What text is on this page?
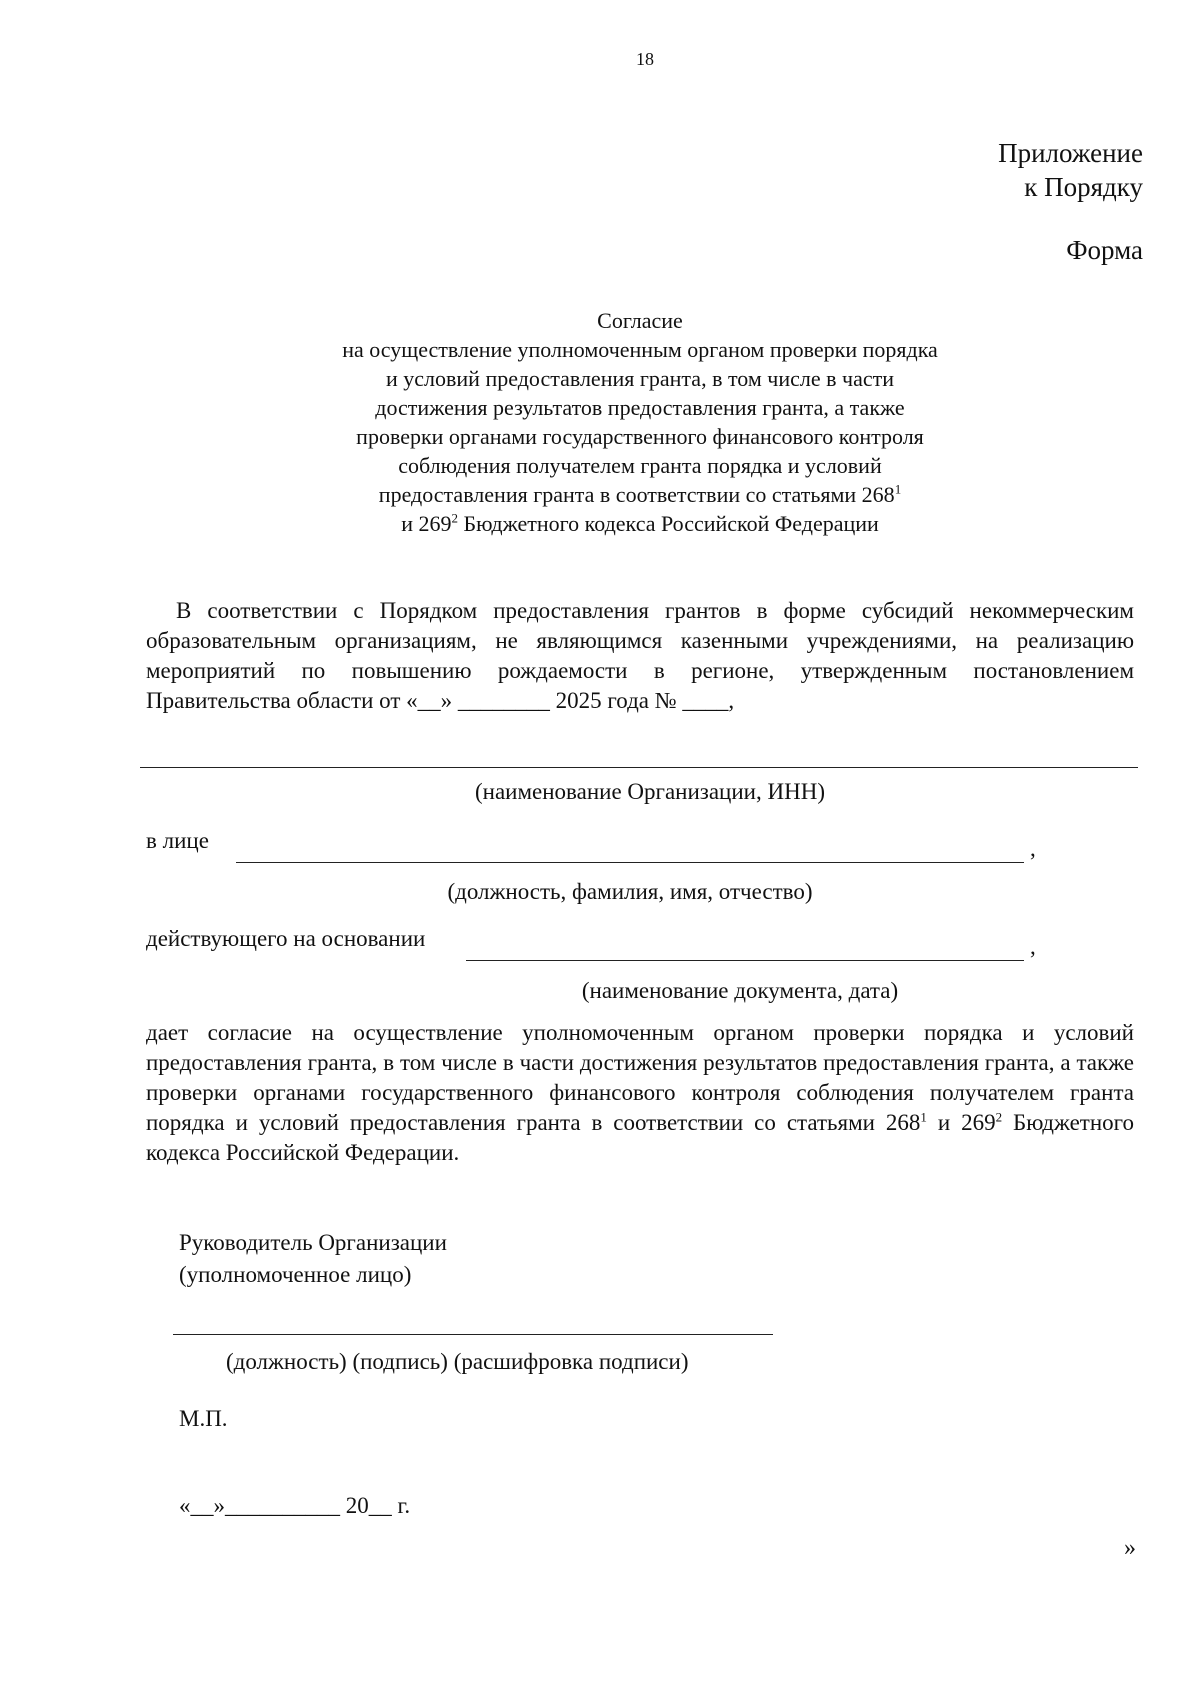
18
Приложение
к Порядку
Форма
Согласие
на осуществление уполномоченным органом проверки порядка
и условий предоставления гранта, в том числе в части
достижения результатов предоставления гранта, а также
проверки органами государственного финансового контроля
соблюдения получателем гранта порядка и условий
предоставления гранта в соответствии со статьями $268^1$
и $269^2$ Бюджетного кодекса Российской Федерации
В соответствии с Порядком предоставления грантов в форме субсидий некоммерческим образовательным организациям, не являющимся казенными учреждениями, на реализацию мероприятий по повышению рождаемости в регионе, утвержденным постановлением Правительства области от «__» ________ 2025 года № ____,
(наименование Организации, ИНН)
в лице	,
(должность, фамилия, имя, отчество)
действующего на основании	,
(наименование документа, дата)
дает согласие на осуществление уполномоченным органом проверки порядка и условий предоставления гранта, в том числе в части достижения результатов предоставления гранта, а также проверки органами государственного финансового контроля соблюдения получателем гранта порядка и условий предоставления гранта в соответствии со статьями $268^1$ и $269^2$ Бюджетного кодекса Российской Федерации.
Руководитель Организации
(уполномоченное лицо)
(должность) (подпись) (расшифровка подписи)
М.П.
«__»__________ 20__ г.
»
